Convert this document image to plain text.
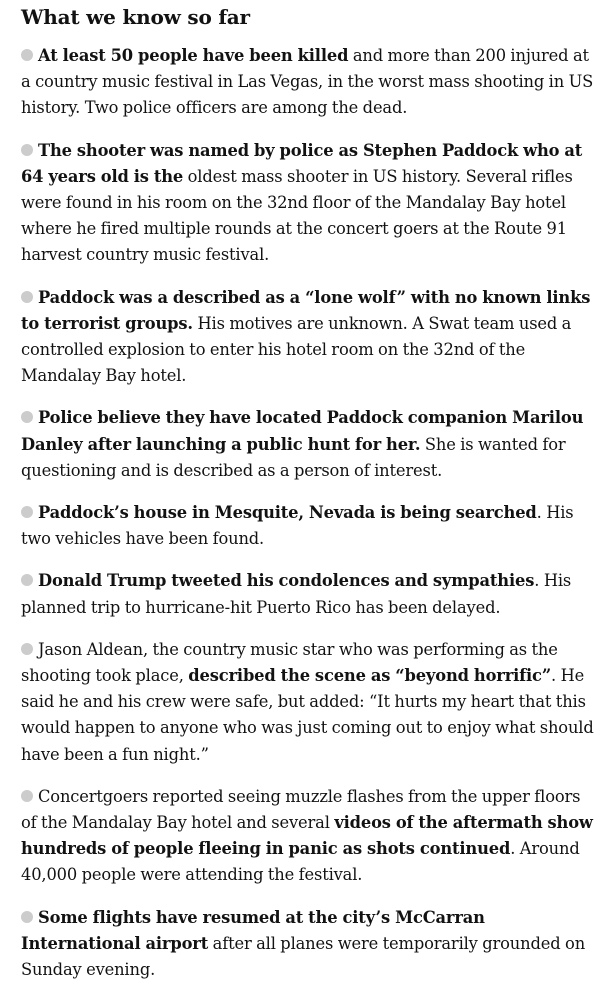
What we know so far
At least 50 people have been killed and more than 200 injured at a country music festival in Las Vegas, in the worst mass shooting in US history. Two police officers are among the dead.
The shooter was named by police as Stephen Paddock who at 64 years old is the oldest mass shooter in US history. Several rifles were found in his room on the 32nd floor of the Mandalay Bay hotel where he fired multiple rounds at the concert goers at the Route 91 harvest country music festival.
Paddock was a described as a “lone wolf” with no known links to terrorist groups. His motives are unknown. A Swat team used a controlled explosion to enter his hotel room on the 32nd of the Mandalay Bay hotel.
Police believe they have located Paddock companion Marilou Danley after launching a public hunt for her. She is wanted for questioning and is described as a person of interest.
Paddock’s house in Mesquite, Nevada is being searched. His two vehicles have been found.
Donald Trump tweeted his condolences and sympathies. His planned trip to hurricane-hit Puerto Rico has been delayed.
Jason Aldean, the country music star who was performing as the shooting took place, described the scene as “beyond horrific”. He said he and his crew were safe, but added: “It hurts my heart that this would happen to anyone who was just coming out to enjoy what should have been a fun night.”
Concertgoers reported seeing muzzle flashes from the upper floors of the Mandalay Bay hotel and several videos of the aftermath show hundreds of people fleeing in panic as shots continued. Around 40,000 people were attending the festival.
Some flights have resumed at the city’s McCarran International airport after all planes were temporarily grounded on Sunday evening.
